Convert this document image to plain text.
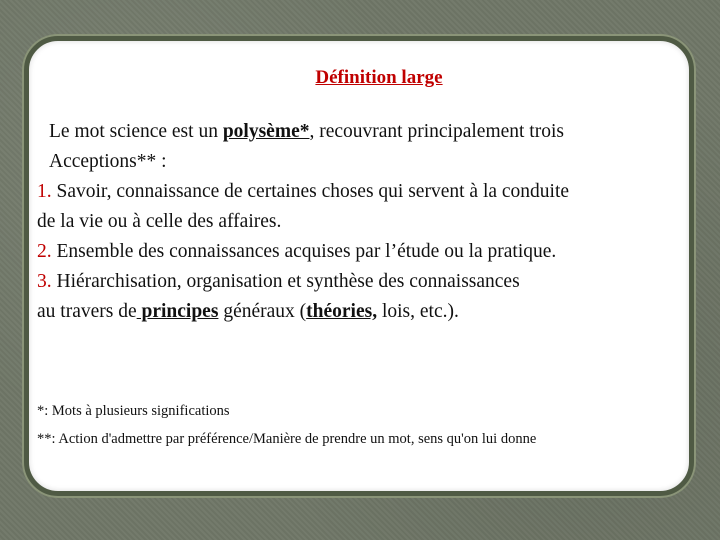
Définition large
Le mot science est un polysème*, recouvrant principalement trois
Acceptions** :
1. Savoir, connaissance de certaines choses qui servent à la conduite
de la vie ou à celle des affaires.
2. Ensemble des connaissances acquises par l’étude ou la pratique.
3. Hiérarchisation, organisation et synthèse des connaissances
au travers de principes généraux (théories, lois, etc.).
*: Mots à plusieurs significations
**: Action d'admettre par préférence/Manière de prendre un mot, sens qu'on lui donne
